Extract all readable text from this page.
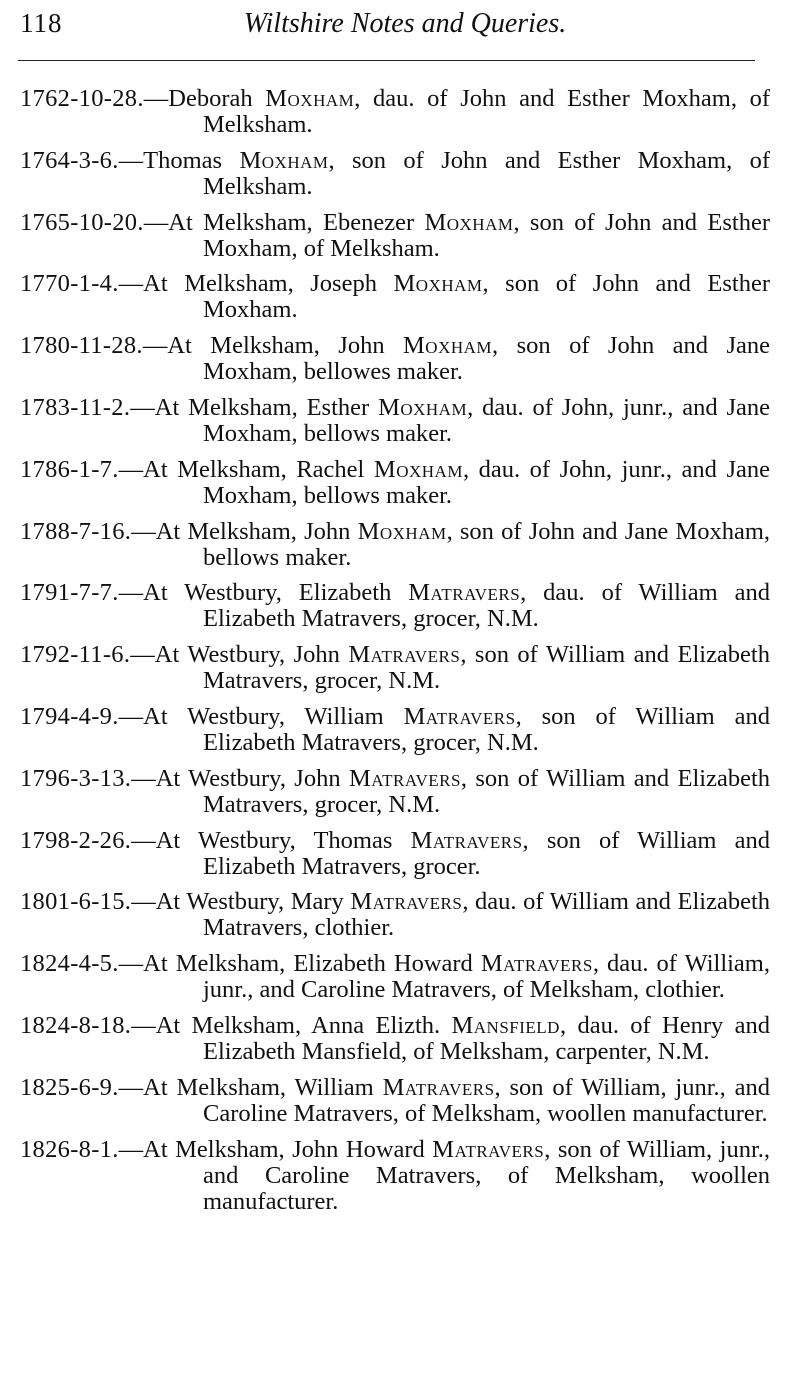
118	Wiltshire Notes and Queries.
1762-10-28.—Deborah Moxham, dau. of John and Esther Moxham, of Melksham.
1764-3-6.—Thomas Moxham, son of John and Esther Moxham, of Melksham.
1765-10-20.—At Melksham, Ebenezer Moxham, son of John and Esther Moxham, of Melksham.
1770-1-4.—At Melksham, Joseph Moxham, son of John and Esther Moxham.
1780-11-28.—At Melksham, John Moxham, son of John and Jane Moxham, bellowes maker.
1783-11-2.—At Melksham, Esther Moxham, dau. of John, junr., and Jane Moxham, bellows maker.
1786-1-7.—At Melksham, Rachel Moxham, dau. of John, junr., and Jane Moxham, bellows maker.
1788-7-16.—At Melksham, John Moxham, son of John and Jane Moxham, bellows maker.
1791-7-7.—At Westbury, Elizabeth Matravers, dau. of William and Elizabeth Matravers, grocer, N.M.
1792-11-6.—At Westbury, John Matravers, son of William and Elizabeth Matravers, grocer, N.M.
1794-4-9.—At Westbury, William Matravers, son of William and Elizabeth Matravers, grocer, N.M.
1796-3-13.—At Westbury, John Matravers, son of William and Elizabeth Matravers, grocer, N.M.
1798-2-26.—At Westbury, Thomas Matravers, son of William and Elizabeth Matravers, grocer.
1801-6-15.—At Westbury, Mary Matravers, dau. of William and Elizabeth Matravers, clothier.
1824-4-5.—At Melksham, Elizabeth Howard Matravers, dau. of William, junr., and Caroline Matravers, of Melksham, clothier.
1824-8-18.—At Melksham, Anna Elizth. Mansfield, dau. of Henry and Elizabeth Mansfield, of Melksham, carpenter, N.M.
1825-6-9.—At Melksham, William Matravers, son of William, junr., and Caroline Matravers, of Melksham, woollen manufacturer.
1826-8-1.—At Melksham, John Howard Matravers, son of William, junr., and Caroline Matravers, of Melksham, woollen manufacturer.
